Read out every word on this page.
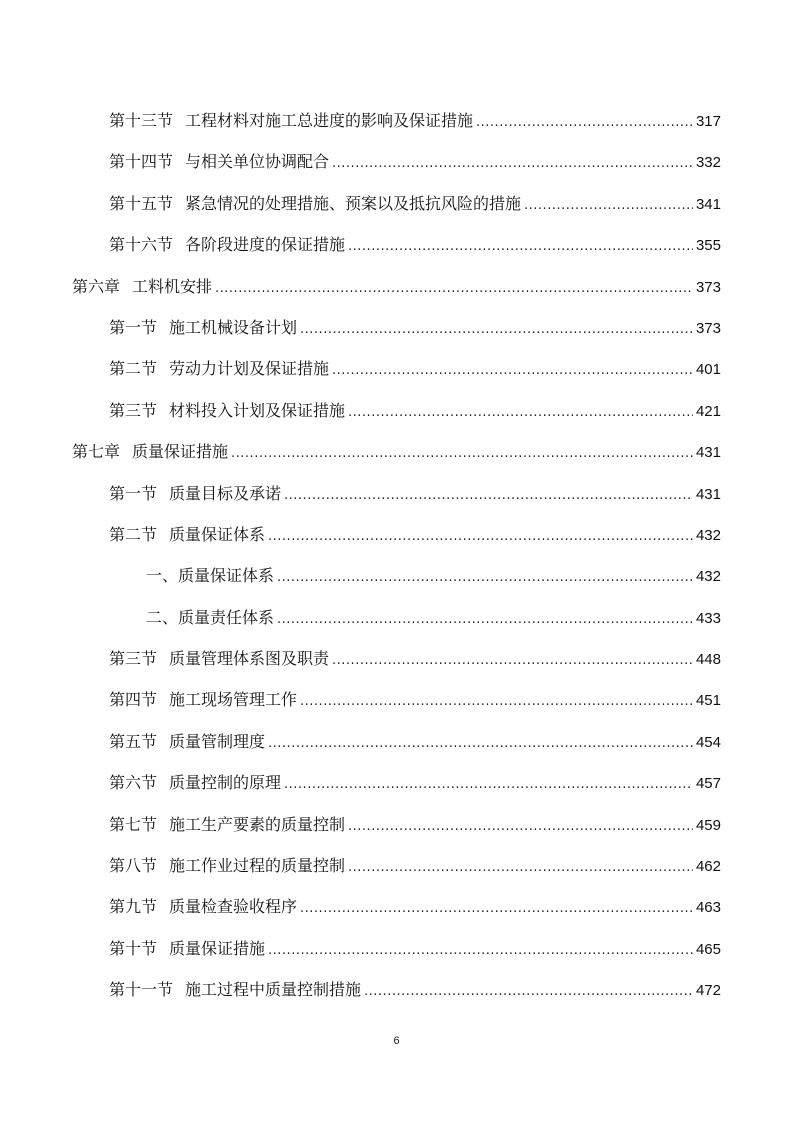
第十三节 工程材料对施工总进度的影响及保证措施 .....	317
第十四节 与相关单位协调配合 .....	332
第十五节 紧急情况的处理措施、预案以及抵抗风险的措施 .....	341
第十六节 各阶段进度的保证措施 .....	355
第六章 工料机安排 .....	373
第一节 施工机械设备计划 .....	373
第二节 劳动力计划及保证措施 .....	401
第三节 材料投入计划及保证措施 .....	421
第七章 质量保证措施 .....	431
第一节 质量目标及承诺 .....	431
第二节 质量保证体系 .....	432
一、质量保证体系 .....	432
二、质量责任体系 .....	433
第三节 质量管理体系图及职责 .....	448
第四节 施工现场管理工作 .....	451
第五节 质量管制理度 .....	454
第六节 质量控制的原理 .....	457
第七节 施工生产要素的质量控制 .....	459
第八节 施工作业过程的质量控制 .....	462
第九节 质量检查验收程序 .....	463
第十节 质量保证措施 .....	465
第十一节 施工过程中质量控制措施 .....	472
6
